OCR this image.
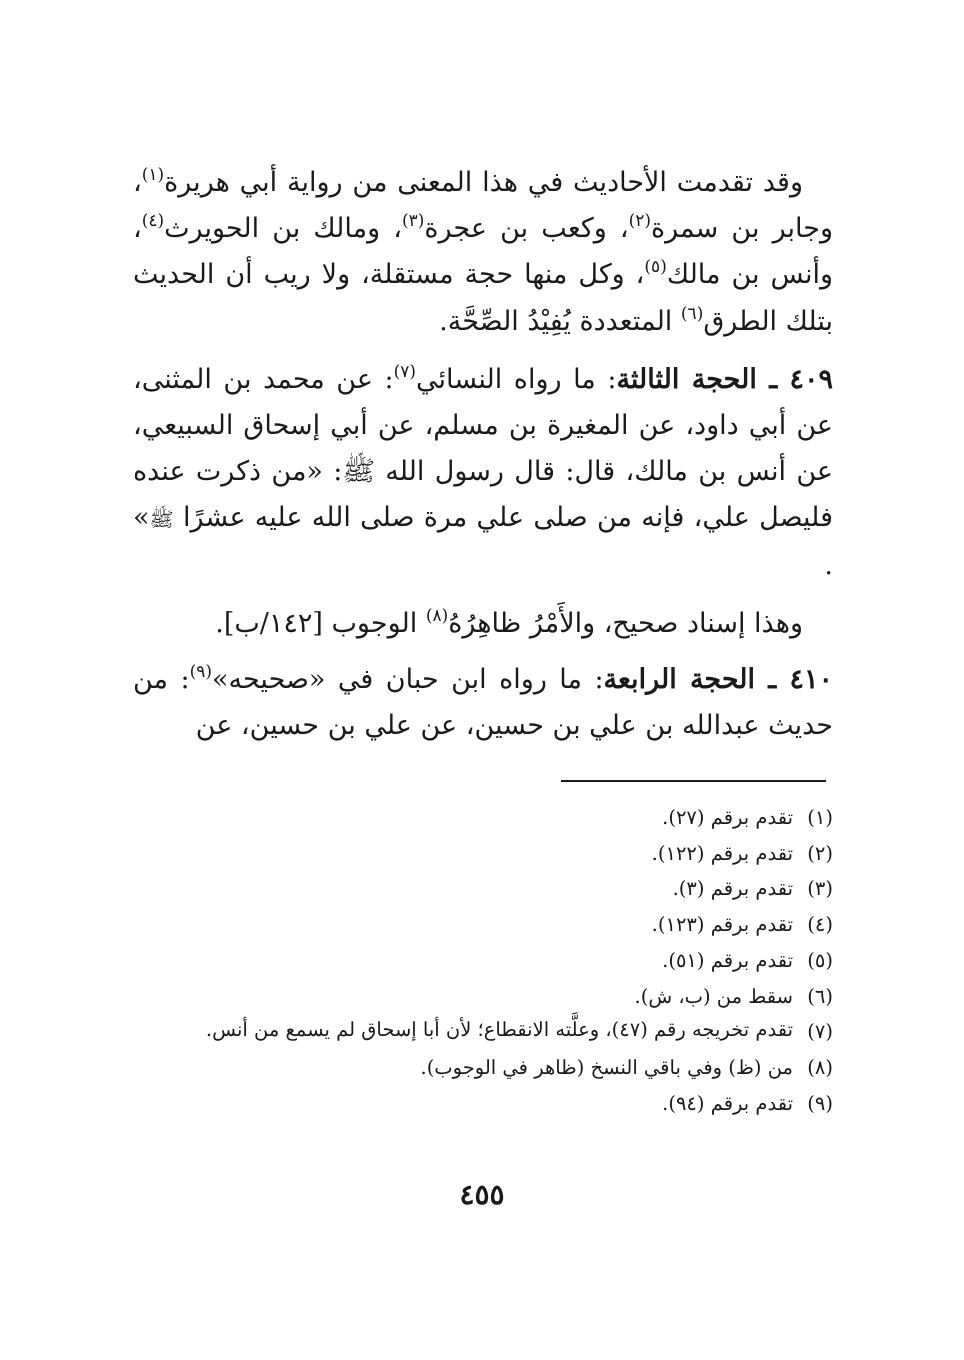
وقد تقدمت الأحاديث في هذا المعنى من رواية أبي هريرة$^{(١)}$، وجابر بن سمرة$^{(٢)}$، وكعب بن عجرة$^{(٣)}$، ومالك بن الحويرث$^{(٤)}$، وأنس بن مالك$^{(٥)}$، وكل منها حجة مستقلة، ولا ريب أن الحديث بتلك الطرق$^{(٦)}$ المتعددة يُفِيْدُ الصِّحَّة.

٤٠٩ ـ الحجة الثالثة: ما رواه النسائي$^{(٧)}$: عن محمد بن المثنى، عن أبي داود، عن المغيرة بن مسلم، عن أبي إسحاق السبيعي، عن أنس بن مالك، قال: قال رسول الله ﷺ: «من ذكرت عنده فليصل علي، فإنه من صلى علي مرة صلى الله عليه عشرًا ﷺ» .

وهذا إسناد صحيح، والأَمْرُ ظاهِرُهُ$^{(٨)}$ الوجوب [١٤٢/ب].

٤١٠ ـ الحجة الرابعة: ما رواه ابن حبان في «صحيحه»$^{(٩)}$: من حديث عبدالله بن علي بن حسين، عن علي بن حسين، عن

(١)
تقدم برقم (٢٧).
(٢)
تقدم برقم (١٢٢).
(٣)
تقدم برقم (٣).
(٤)
تقدم برقم (١٢٣).
(٥)
تقدم برقم (٥١).
(٦)
سقط من (ب، ش).
(٧)
تقدم تخريجه رقم (٤٧)، وعلَّته الانقطاع؛ لأن أبا إسحاق لم يسمع من أنس.
(٨)
من (ظ) وفي باقي النسخ (ظاهر في الوجوب).
(٩)
تقدم برقم (٩٤).
٤٥٥
